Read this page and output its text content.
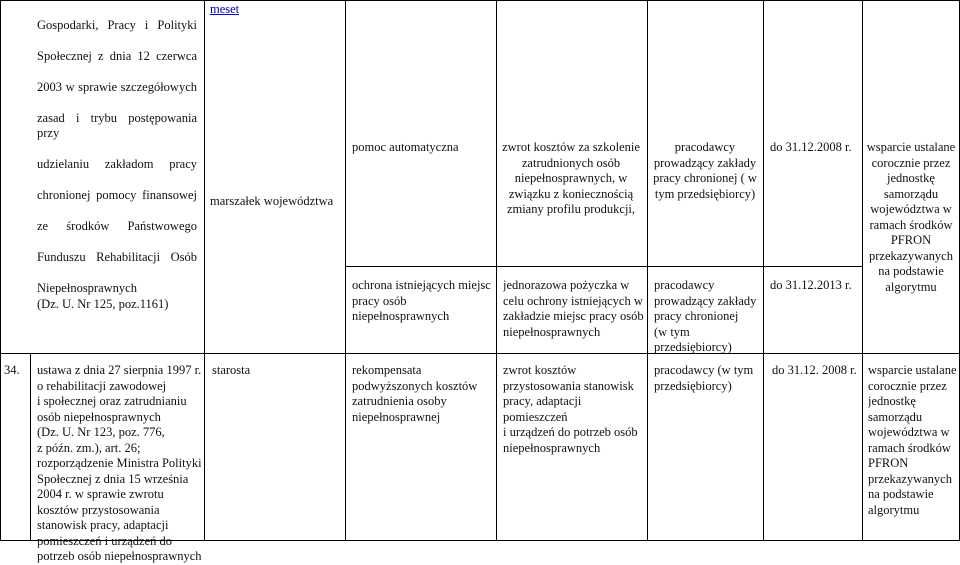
Gospodarki, Pracy i Polityki

Społecznej z dnia 12 czerwca

2003 w sprawie szczegółowych

zasad i trybu postępowania przy

udzielaniu zakładom pracy

chronionej pomocy finansowej

ze środków Państwowego

Funduszu Rehabilitacji Osób

Niepełnosprawnych
(Dz. U. Nr 125, poz.1161)

meset
marszałek województwa
pomoc automatyczna
ochrona istniejących miejsc
pracy osób
niepełnosprawnych
zwrot kosztów za szkolenie
zatrudnionych osób
niepełnosprawnych, w
związku z koniecznością
zmiany profilu produkcji,
jednorazowa pożyczka w
celu ochrony istniejących w
zakładzie miejsc pracy osób
niepełnosprawnych
pracodawcy
prowadzący zakłady
pracy chronionej ( w
tym przedsiębiorcy)
pracodawcy
prowadzący zakłady
pracy chronionej
(w tym
przedsiębiorcy)
do 31.12.2008 r.
do 31.12.2013 r.
wsparcie ustalane
corocznie przez
jednostkę
samorządu
województwa w
ramach środków
PFRON
przekazywanych
na podstawie
algorytmu
34.	ustawa z dnia 27 sierpnia 1997 r.
o rehabilitacji zawodowej
i społecznej oraz zatrudnianiu
osób niepełnosprawnych
(Dz. U. Nr 123, poz. 776,
z późn. zm.), art. 26;
rozporządzenie Ministra Polityki
Społecznej z dnia 15 września
2004 r. w sprawie zwrotu
kosztów przystosowania
stanowisk pracy, adaptacji
pomieszczeń i urządzeń do
potrzeb osób niepełnosprawnych
starosta	rekompensata
podwyższonych kosztów
zatrudnienia osoby
niepełnosprawnej
zwrot kosztów
przystosowania stanowisk
pracy, adaptacji pomieszczeń
i urządzeń do potrzeb osób
niepełnosprawnych
pracodawcy (w tym
przedsiębiorcy)
do 31.12. 2008 r. wsparcie ustalane
corocznie przez
jednostkę
samorządu
województwa w
ramach środków
PFRON
przekazywanych
na podstawie
algorytmu
